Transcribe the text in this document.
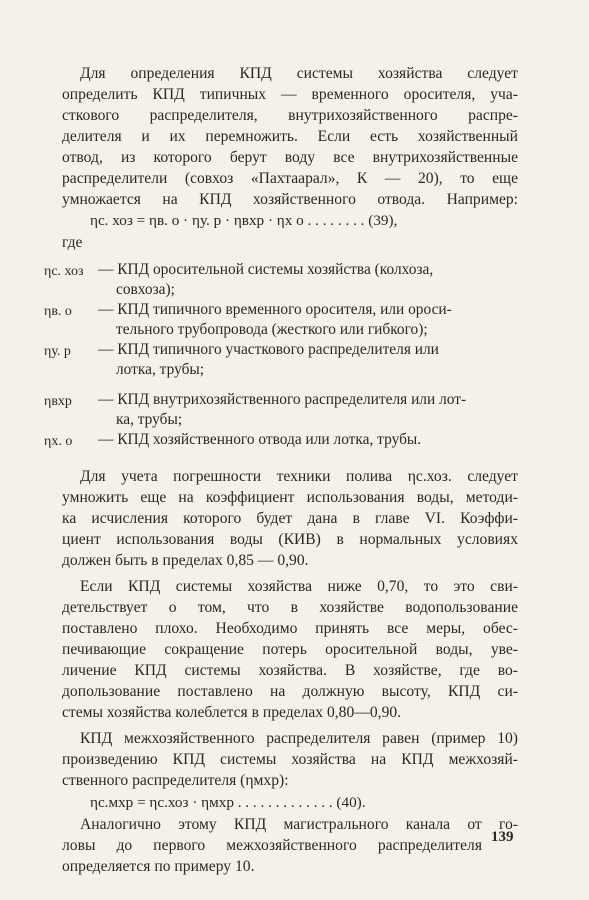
Для определения КПД системы хозяйства следует
определить КПД типичных — временного оросителя, уча-
сткового распределителя, внутрихозяйственного распре-
делителя и их перемножить. Если есть хозяйственный
отвод, из которого берут воду все внутрихозяйственные
распределители (совхоз «Пахтаарал», К — 20), то еще
умножается на КПД хозяйственного отвода. Например:
ηс. хоз = ηв. о · ηу. р · ηвхр · ηх о . . . . . . . . (39),
где
ηс. хоз — КПД оросительной системы хозяйства (колхоза,
совхоза);
ηв. о — КПД типичного временного оросителя, или ороси-
тельного трубопровода (жесткого или гибкого);
ηу. р — КПД типичного участкового распределителя или
лотка, трубы;
ηвхр — КПД внутрихозяйственного распределителя или лот-
ка, трубы;
ηх. о — КПД хозяйственного отвода или лотка, трубы.
Для учета погрешности техники полива ηс.хоз. следует
умножить еще на коэффициент использования воды, методи-
ка исчисления которого будет дана в главе VI. Коэффи-
циент использования воды (КИВ) в нормальных условиях
должен быть в пределах 0,85 — 0,90.
Если КПД системы хозяйства ниже 0,70, то это сви-
детельствует о том, что в хозяйстве водопользование
поставлено плохо. Необходимо принять все меры, обес-
печивающие сокращение потерь оросительной воды, уве-
личение КПД системы хозяйства. В хозяйстве, где во-
допользование поставлено на должную высоту, КПД си-
стемы хозяйства колеблется в пределах 0,80—0,90.
КПД межхозяйственного распределителя равен (пример 10)
произведению КПД системы хозяйства на КПД межхозяй-
ственного распределителя (ηмхр):
ηс.мхр = ηс.хоз · ηмхр . . . . . . . . . . . . . (40).
Аналогично этому КПД магистрального канала от го-
ловы до первого межхозяйственного распределителя
определяется по примеру 10.
139
